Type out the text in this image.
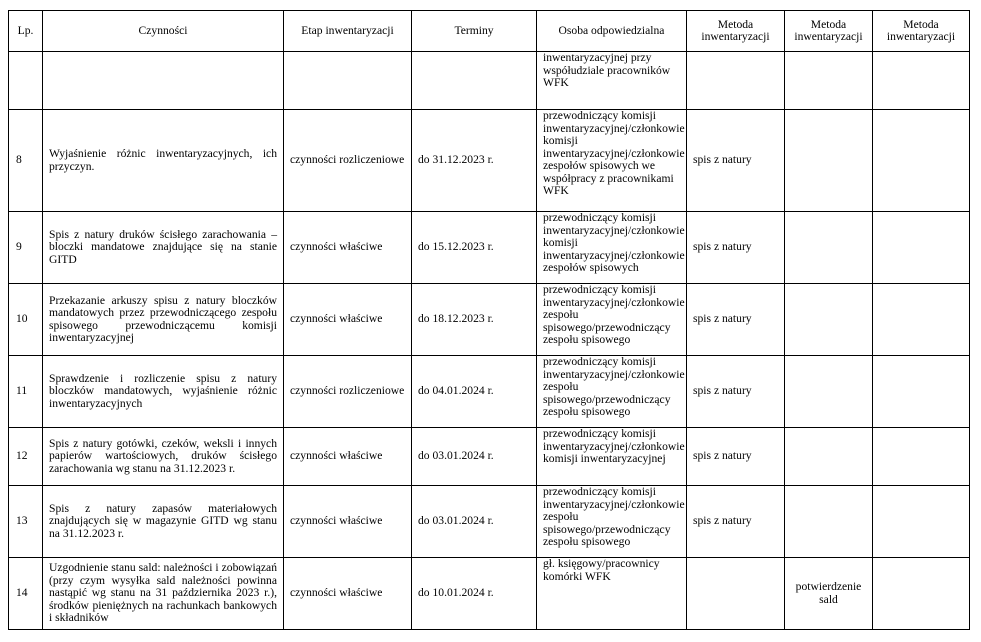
Lp.	Czynności	Etap inwentaryzacji	Terminy	Osoba odpowiedzialna	Metoda inwentaryzacji	Metoda inwentaryzacji	Metoda inwentaryzacji
				inwentaryzacyjnej przy współudziale pracowników WFK			
8	Wyjaśnienie różnic inwentaryzacyjnych, ich przyczyn.	czynności rozliczeniowe	do 31.12.2023 r.	przewodniczący komisji inwentaryzacyjnej/członkowie komisji inwentaryzacyjnej/członkowie zespołów spisowych we współpracy z pracownikami WFK	spis z natury		
9	Spis z natury druków ścisłego zarachowania – bloczki mandatowe znajdujące się na stanie GITD	czynności właściwe	do 15.12.2023 r.	przewodniczący komisji inwentaryzacyjnej/członkowie komisji inwentaryzacyjnej/członkowie zespołów spisowych	spis z natury		
10	Przekazanie arkuszy spisu z natury bloczków mandatowych przez przewodniczącego zespołu spisowego przewodniczącemu komisji inwentaryzacyjnej	czynności właściwe	do 18.12.2023 r.	przewodniczący komisji inwentaryzacyjnej/członkowie zespołu spisowego/przewodniczący zespołu spisowego	spis z natury		
11	Sprawdzenie i rozliczenie spisu z natury bloczków mandatowych, wyjaśnienie różnic inwentaryzacyjnych	czynności rozliczeniowe	do 04.01.2024 r.	przewodniczący komisji inwentaryzacyjnej/członkowie zespołu spisowego/przewodniczący zespołu spisowego	spis z natury		
12	Spis z natury gotówki, czeków, weksli i innych papierów wartościowych, druków ścisłego zarachowania wg stanu na 31.12.2023 r.	czynności właściwe	do 03.01.2024 r.	przewodniczący komisji inwentaryzacyjnej/członkowie komisji inwentaryzacyjnej	spis z natury		
13	Spis z natury zapasów materiałowych znajdujących się w magazynie GITD wg stanu na 31.12.2023 r.	czynności właściwe	do 03.01.2024 r.	przewodniczący komisji inwentaryzacyjnej/członkowie zespołu spisowego/przewodniczący zespołu spisowego	spis z natury		
14	Uzgodnienie stanu sald: należności i zobowiązań (przy czym wysyłka sald należności powinna nastąpić wg stanu na 31 października 2023 r.), środków pieniężnych na rachunkach bankowych i składników	czynności właściwe	do 10.01.2024 r.	gł. księgowy/pracownicy komórki WFK		potwierdzenie sald	
